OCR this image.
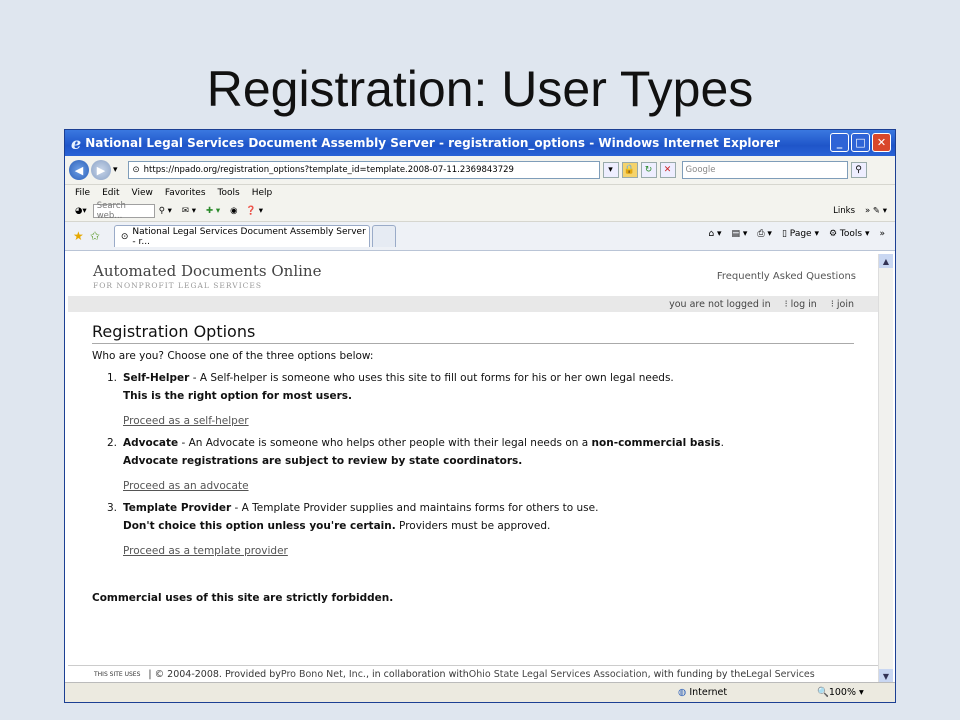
Registration: User Types
e National Legal Services Document Assembly Server - registration_options - Windows Internet Explorer	_	□	✕
◀	▶ ▾ ⊙ https://npado.org/registration_options?template_id=template.2008-07-11.2369843729	▾	🔒	↻	✕	Google	⚲
File Edit View Favorites Tools Help
◕ ▾	Search web...	⚲ ▾ ✉ ▾ ✚ ▾ ◉ ❓ ▾	Links » ✎ ▾
★ ✩ ⊙ National Legal Services Document Assembly Server - r...
⌂ ▾ ▤ ▾ ⎙ ▾ ▯ Page ▾ ⚙ Tools ▾ »
Automated Documents Online
FOR NONPROFIT LEGAL SERVICES
Frequently Asked Questions
you are not logged in ⁝ log in ⁝ join
Registration Options
Who are you? Choose one of the three options below:
1. Self-Helper - A Self-helper is someone who uses this site to fill out forms for his or her own legal needs.
This is the right option for most users.
Proceed as a self-helper
2. Advocate - An Advocate is someone who helps other people with their legal needs on a non-commercial basis.
Advocate registrations are subject to review by state coordinators.
Proceed as an advocate
3. Template Provider - A Template Provider supplies and maintains forms for others to use.
Don't choice this option unless you're certain. Providers must be approved.
Proceed as a template provider
Commercial uses of this site are strictly forbidden.
▲
▼
THIS SITE USES | © 2004-2008. Provided by Pro Bono Net, Inc. , in collaboration with Ohio State Legal Services Association , with funding by the Legal Services
◍ Internet	🔍100% ▾
